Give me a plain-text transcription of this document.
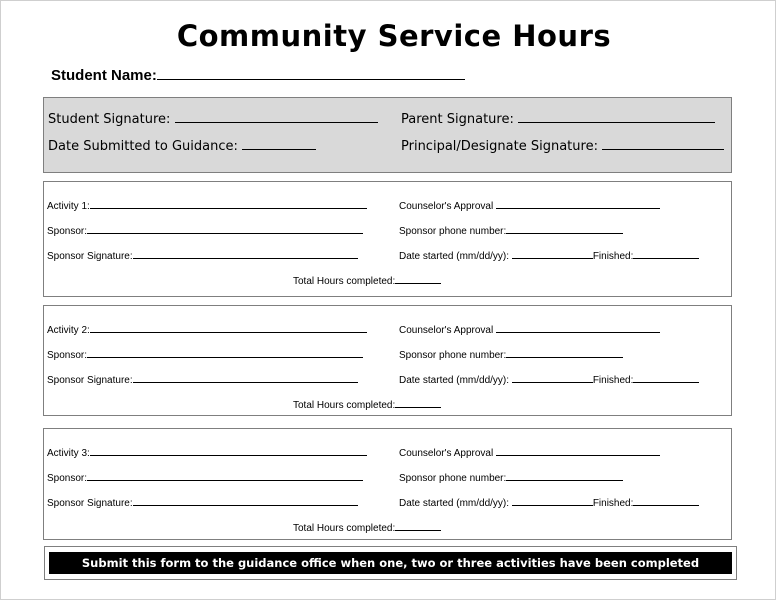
Community Service Hours
Student Name:
Student Signature:	Parent Signature:
Date Submitted to Guidance:	Principal/Designate Signature:
Activity 1:	Counselor's Approval
Sponsor:	Sponsor phone number:
Sponsor Signature:	Date started (mm/dd/yy):	Finished:
Total Hours completed:
Activity 2:	Counselor's Approval
Sponsor:	Sponsor phone number:
Sponsor Signature:	Date started (mm/dd/yy):	Finished:
Total Hours completed:
Activity 3:	Counselor's Approval
Sponsor:	Sponsor phone number:
Sponsor Signature:	Date started (mm/dd/yy):	Finished:
Total Hours completed:
Submit this form to the guidance office when one, two or three activities have been completed
